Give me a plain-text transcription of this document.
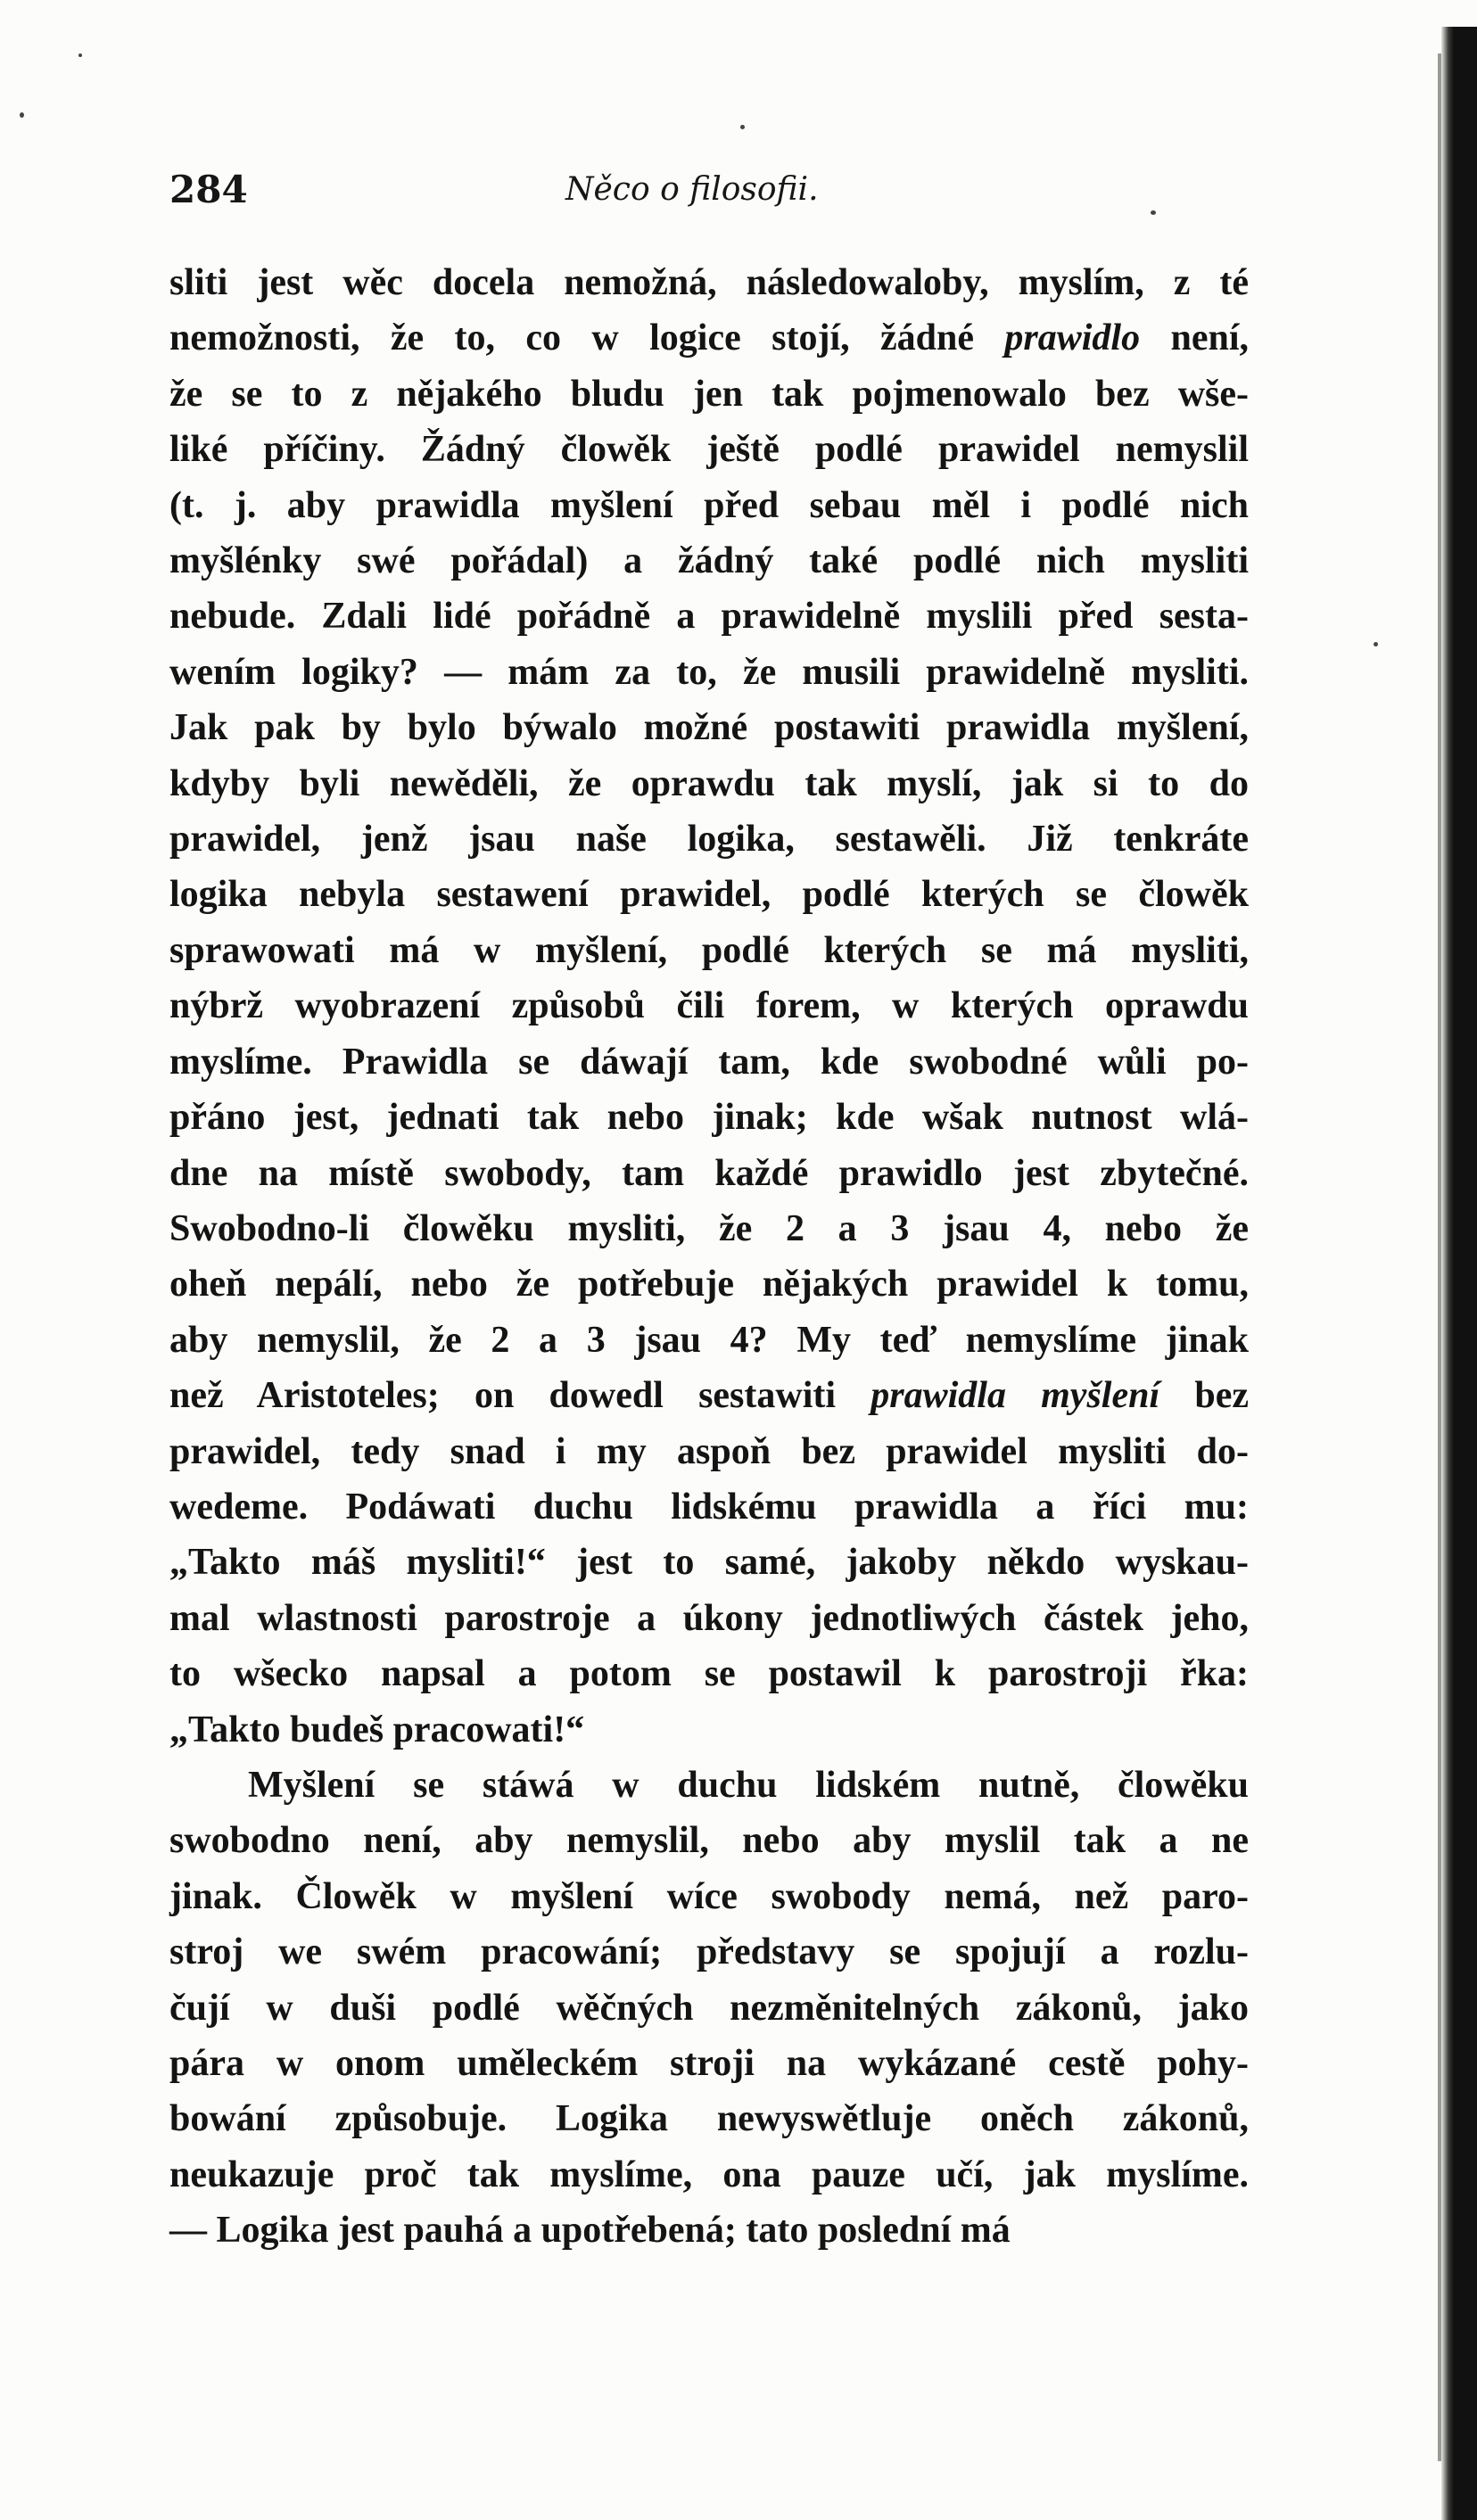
284	Něco o filosofii.
sliti jest wěc docela nemožná, následowaloby, myslím, z té
nemožnosti, že to, co w logice stojí, žádné prawidlo není,
že se to z nějakého bludu jen tak pojmenowalo bez wše-
liké příčiny. Žádný člowěk ještě podlé prawidel nemyslil
(t. j. aby prawidla myšlení před sebau měl i podlé nich
myšlénky swé pořádal) a žádný také podlé nich mysliti
nebude. Zdali lidé pořádně a prawidelně myslili před sesta-
wením logiky? — mám za to, že musili prawidelně mysliti.
Jak pak by bylo býwalo možné postawiti prawidla myšlení,
kdyby byli newěděli, že oprawdu tak myslí, jak si to do
prawidel, jenž jsau naše logika, sestawěli. Již tenkráte
logika nebyla sestawení prawidel, podlé kterých se člowěk
sprawowati má w myšlení, podlé kterých se má mysliti,
nýbrž wyobrazení způsobů čili forem, w kterých oprawdu
myslíme. Prawidla se dáwají tam, kde swobodné wůli po-
přáno jest, jednati tak nebo jinak; kde wšak nutnost wlá-
dne na místě swobody, tam každé prawidlo jest zbytečné.
Swobodno-li člowěku mysliti, že 2 a 3 jsau 4, nebo že
oheň nepálí, nebo že potřebuje nějakých prawidel k tomu,
aby nemyslil, že 2 a 3 jsau 4? My teď nemyslíme jinak
než Aristoteles; on dowedl sestawiti prawidla myšlení bez
prawidel, tedy snad i my aspoň bez prawidel mysliti do-
wedeme. Podáwati duchu lidskému prawidla a říci mu:
„Takto máš mysliti!“ jest to samé, jakoby někdo wyskau-
mal wlastnosti parostroje a úkony jednotliwých částek jeho,
to wšecko napsal a potom se postawil k parostroji řka:
„Takto budeš pracowati!“
Myšlení se stáwá w duchu lidském nutně, člowěku
swobodno není, aby nemyslil, nebo aby myslil tak a ne
jinak. Člowěk w myšlení wíce swobody nemá, než paro-
stroj we swém pracowání; představy se spojují a rozlu-
čují w duši podlé wěčných nezměnitelných zákonů, jako
pára w onom uměleckém stroji na wykázané cestě pohy-
bowání způsobuje. Logika newyswětluje oněch zákonů,
neukazuje proč tak myslíme, ona pauze učí, jak myslíme.
— Logika jest pauhá a upotřebená; tato poslední má
